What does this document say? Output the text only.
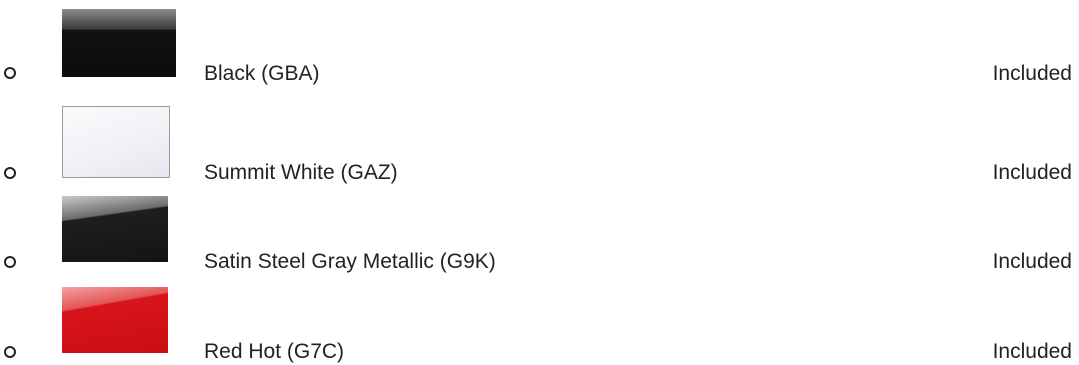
Black (GBA)	Included
Summit White (GAZ)	Included
Satin Steel Gray Metallic (G9K)	Included
Red Hot (G7C)	Included
